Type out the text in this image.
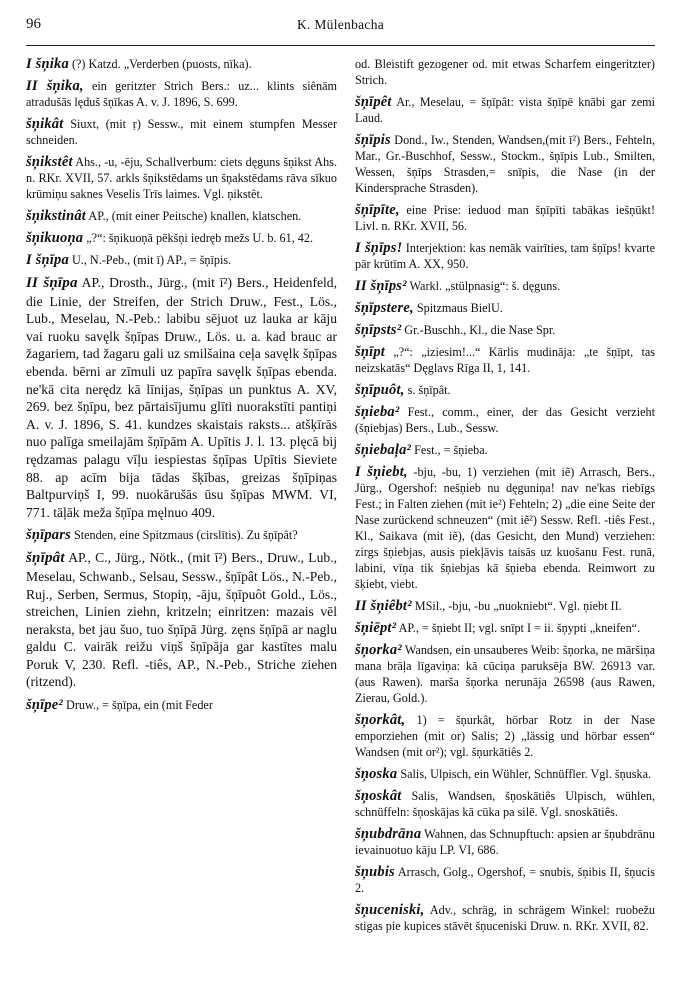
96	K. Mülenbacha

I šņika (?) Katzd. „Verderben (puosts, nīka).

II šņika, ein geritzter Strich Bers.: uz... klints siênām atradušās lęduš šņīkas A. v. J. 1896, S. 699.

šņikât Siuxt, (mit ṛ) Sessw., mit einem stumpfen Messer schneiden.

šņikstêt Ahs., -u, -ēju, Schallverbum: ciets dęguns šņikst Ahs. n. RKr. XVII, 57. arkls šņikstēdams un šņakstēdams rāva sīkuo krūmiņu saknes Veselis Trīs laimes. Vgl. ņikstêt.

šņikstinât AP., (mit einer Peitsche) knallen, klatschen.

šņikuoņa „?“: šņikuoņā pēkšņi iedręb mežs U. b. 61, 42.

I šņīpa U., N.-Peb., (mit ī) AP., = šņīpis.

II šņīpa AP., Drosth., Jürg., (mit ī²) Bers., Heidenfeld, die Linie, der Streifen, der Strich Druw., Fest., Lös., Lub., Meselau, N.-Peb.: labibu sējuot uz lauka ar kāju vai ruoku savęlk šņīpas Druw., Lös. u. a. kad brauc ar žagariem, tad žagaru gali uz smilšaina ceļa savęlk šņīpas ebenda. bērni ar zīmuli uz papīra savęlk šņīpas ebenda. ne'kā cita nerędz kā līnijas, šņīpas un punktus A. XV, 269. bez šņīpu, bez pārtaisījumu glīti nuorakstīti pantiņi A. v. J. 1896, S. 41. kundzes skaistais raksts... atšķīrās nuo palīga smeilajām šņīpām A. Upītis J. l. 13. plęcā bij rędzamas palagu vīļu iespiestas šņīpas Upītis Sieviete 88. ap acīm bija tādas šķības, greizas šņīpiņas Baltpurviņš I, 99. nuokārušās ūsu šņīpas MWM. VI, 771. tāļāk meža šņīpa męlnuo 409.

šņīpars Stenden, eine Spitzmaus (cirslītis). Zu šņīpât?

šņīpât AP., C., Jürg., Nötk., (mit ī²) Bers., Druw., Lub., Meselau, Schwanb., Selsau, Sessw., šņīpât Lös., N.-Peb., Ruj., Serben, Sermus, Stopiņ, -āju, šņīpuôt Gold., Lös., streichen, Linien ziehn, kritzeln; einritzen: mazais vēl nerakstа, bet jau šuo, tuo šņīpā Jürg. zęns šņīpā ar naglu galdu C. vairāk reižu viņš šņīpāja gar kastītes malu Poruk V, 230. Refl. -tiês, AP., N.-Peb., Striche ziehen (ritzend).

šņīpe² Druw., = šņīpa, ein (mit Feder

od. Bleistift gezogener od. mit etwas Scharfem eingeritzter) Strich.

šņīpêt Ar., Meselau, = šņīpât: vista šņīpē knābi gar zemi Laud.

šņīpis Dond., Iw., Stenden, Wandsen,(mit ī²) Bers., Fehteln, Mar., Gr.-Buschhof, Sessw., Stockm., šņīpis Lub., Smilten, Wessen, šņīps Strasden,= snīpis, die Nase (in der Kindersprache Strasden).

šņīpīte, eine Prise: ieduod man šņīpīti tabākas iešņūkt! Livl. n. RKr. XVII, 56.

I šņīps! Interjektion: kas nemāk vairīties, tam šņīps! kvarte pār krūtīm A. XX, 950.

II šņīps² Warkl. „stülpnasig“: š. dęguns.

šņīpstere, Spitzmaus BielU.

šņīpsts² Gr.-Buschh., Kl., die Nase Spr.

šņīpt „?“: „iziesim!...“ Kārlis mudināja: „te šņīpt, tas neizskatās“ Dęglavs Rīga II, 1, 141.

šņīpuôt, s. šņīpât.

šņieba² Fest., comm., einer, der das Gesicht verzieht (šņiebjas) Bers., Lub., Sessw.

šņiebaļa² Fest., = šņieba.

I šņiebt, -bju, -bu, 1) verziehen (mit iẽ) Arrasch, Bers., Jürg., Ogershof: nešņieb nu dęguniņa! nav ne'kas riebīgs Fest.; in Falten ziehen (mit ie²) Fehteln; 2) „die eine Seite der Nase zurückend schneuzen“ (mit iẽ²) Sessw. Refl. -tiês Fest., Kl., Saikava (mit iẽ), (das Gesicht, den Mund) verziehen: zirgs šņiebjas, ausis piekļāvis taisās uz kuošanu Fest. runā, labini, vīņa tik šņiebjas kā šņieba ebenda. Reimwort zu šķiebt, viebt.

II šņiêbt² MSil., -bju, -bu „nuokniebt“. Vgl. ņiebt II.

šņiēpt² AP., = šņiebt II; vgl. snīpt I = ii. šņypti „kneifen“.

šņorka² Wandsen, ein unsauberes Weib: šņorka, ne māršiņa mana brāļa līgaviņa: kā cūciņa paruksēja BW. 26913 var. (aus Rawen). marša šņorka nerunāja 26598 (aus Rawen, Zierau, Gold.).

šņorkât, 1) = šņurkât, hörbar Rotz in der Nase emporziehen (mit or) Salis; 2) „lässig und hörbar essen“ Wandsen (mit or²); vgl. šņurkātiês 2.

šņoska Salis, Ulpisch, ein Wühler, Schnüffler. Vgl. šņuska.

šņoskât Salis, Wandsen, šņoskātiês Ulpisch, wühlen, schnüffeln: šņoskājas kā cūka pa silē. Vgl. snoskātiês.

šņubdrāna Wahnen, das Schnupftuch: apsien ar šņubdrānu ievainuotuo kāju LP. VI, 686.

šņubis Arrasch, Golg., Ogershof, = snubis, šņibis II, šņucis 2.

šņuceniski, Adv., schräg, in schrägem Winkel: ruobežu stigas pie kupices stāvēt šņuceniski Druw. n. RKr. XVII, 82.
